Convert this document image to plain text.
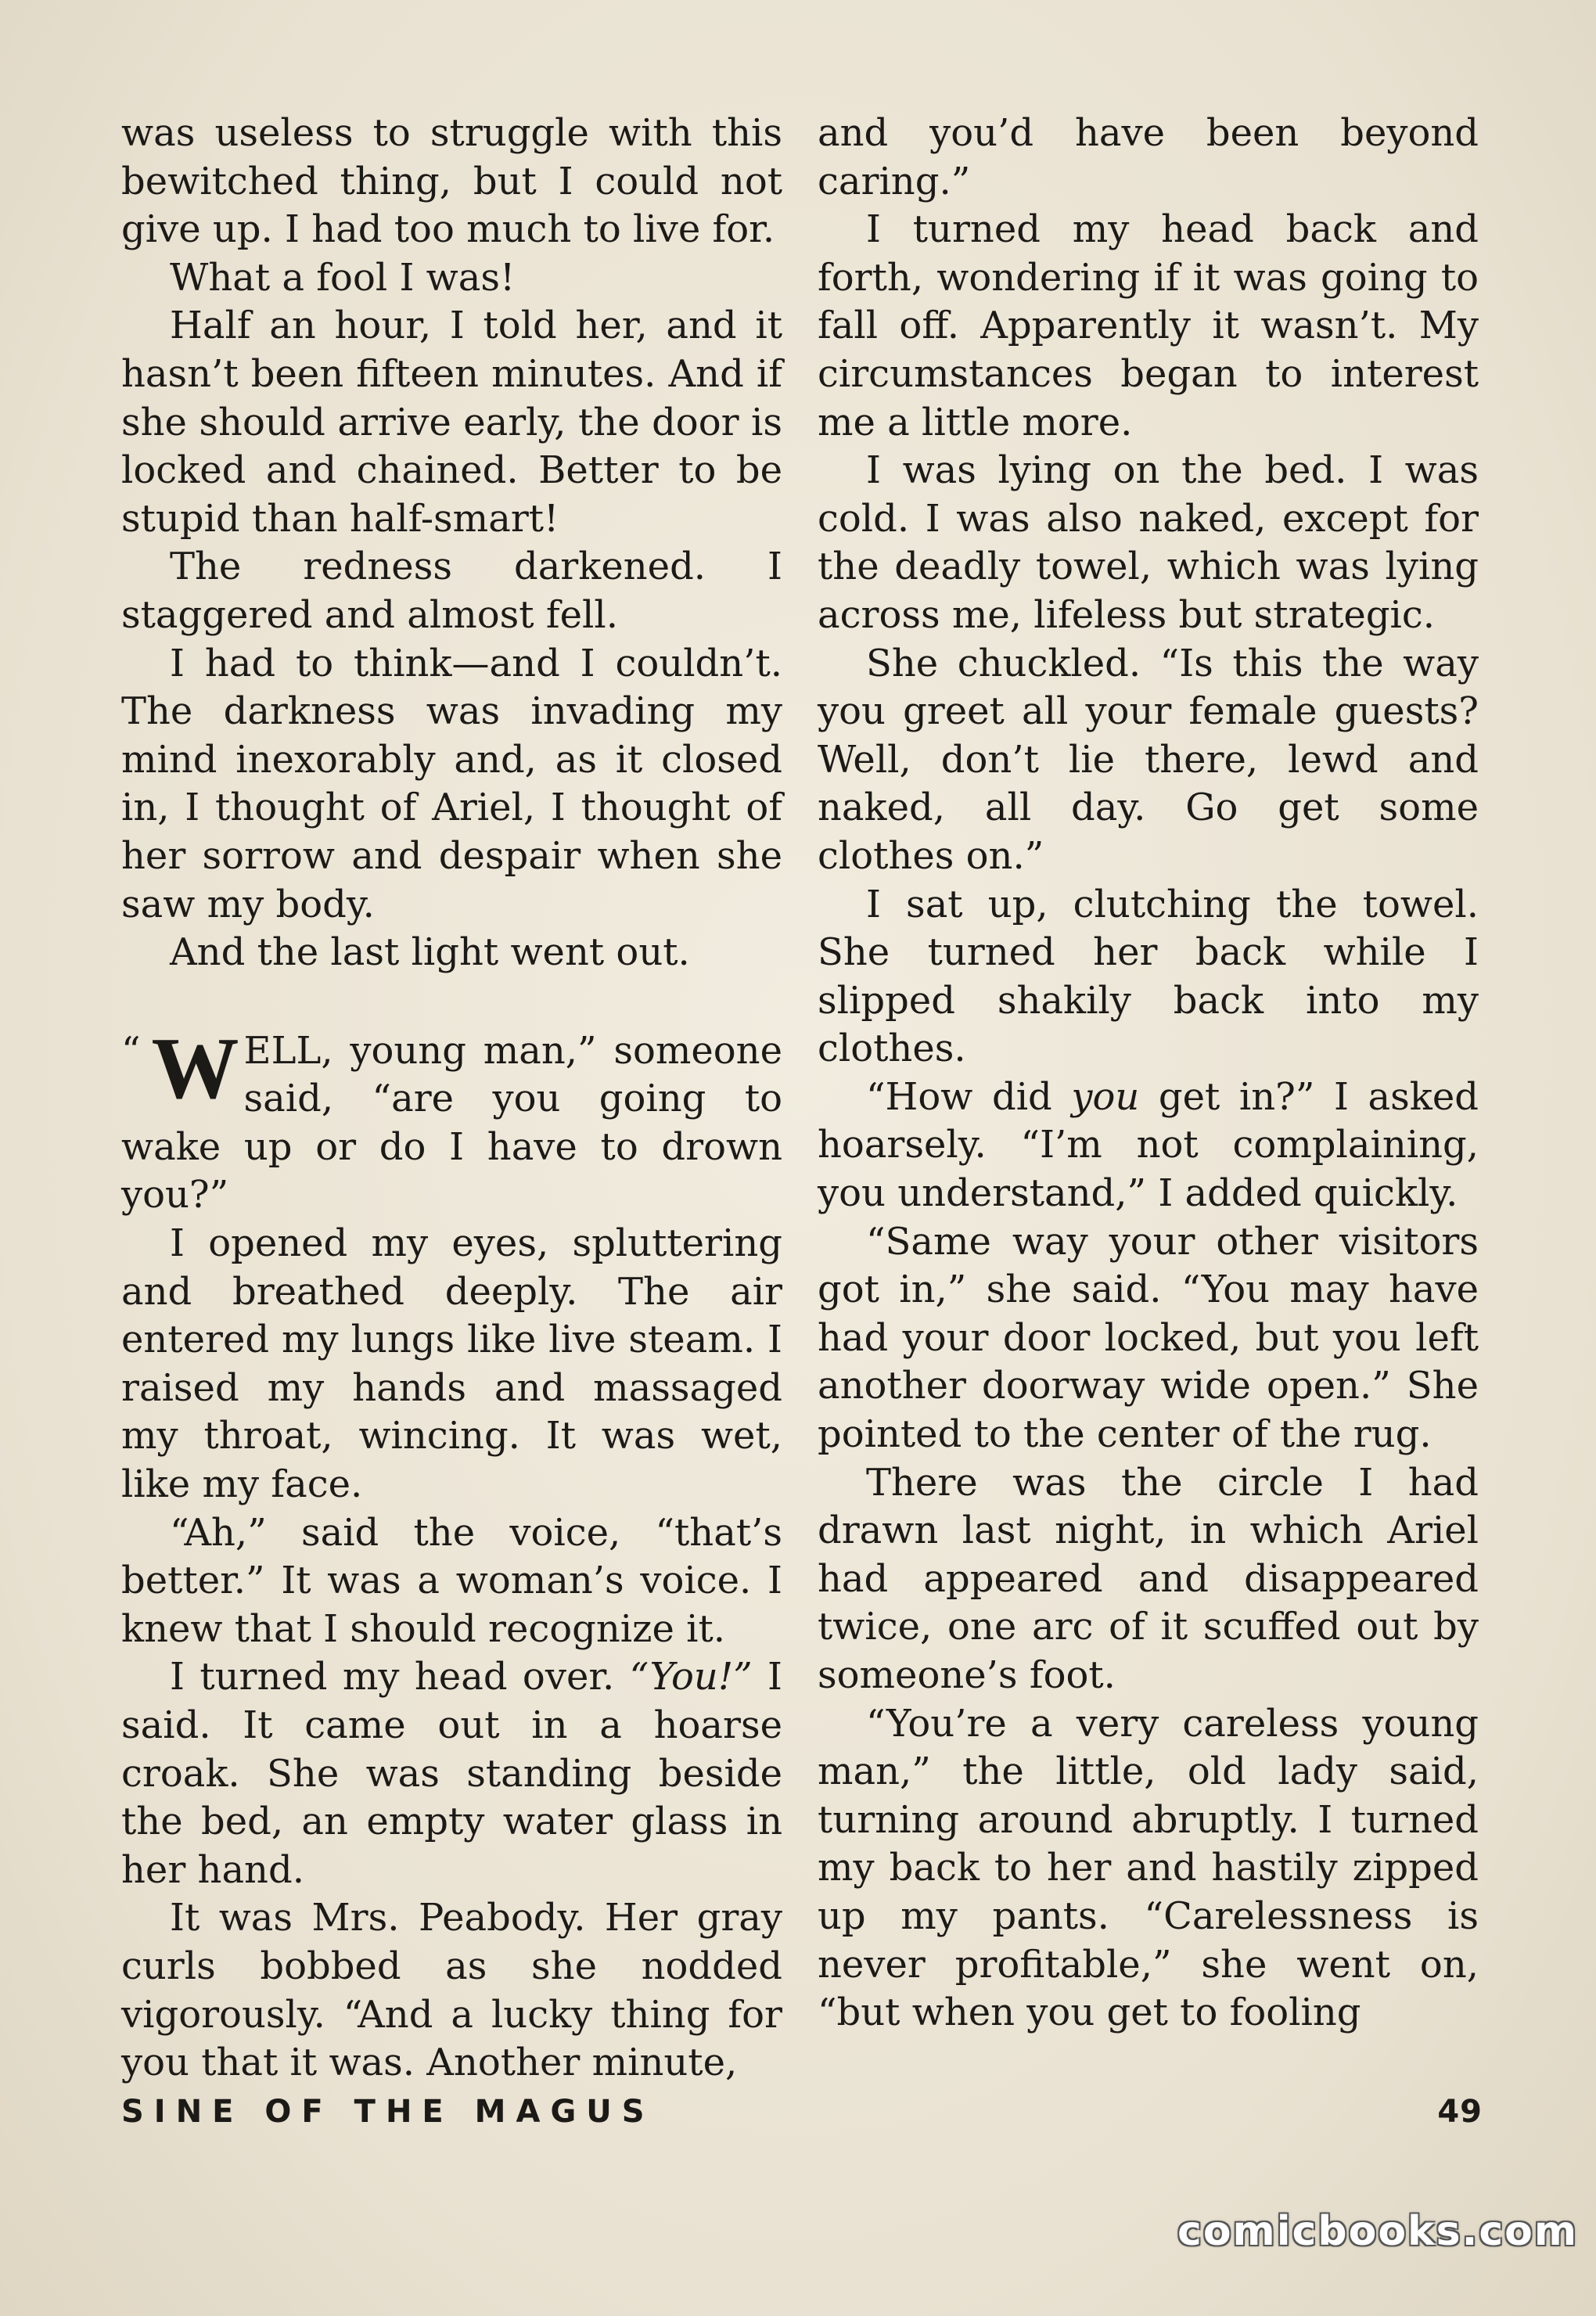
was useless to struggle with this bewitched thing, but I could not give up. I had too much to live for.

What a fool I was!

Half an hour, I told her, and it hasn’t been fifteen minutes. And if she should arrive early, the door is locked and chained. Better to be stupid than half-smart!

The redness darkened. I staggered and almost fell.

I had to think—and I couldn’t. The darkness was invading my mind inexorably and, as it closed in, I thought of Ariel, I thought of her sorrow and despair when she saw my body.

And the last light went out.

“ W ELL, young man,” someone said, “are you going to wake up or do I have to drown you?”

I opened my eyes, spluttering and breathed deeply. The air entered my lungs like live steam. I raised my hands and massaged my throat, wincing. It was wet, like my face.

“Ah,” said the voice, “that’s better.” It was a woman’s voice. I knew that I should recognize it.

I turned my head over. “You!” I said. It came out in a hoarse croak. She was standing beside the bed, an empty water glass in her hand.

It was Mrs. Peabody. Her gray curls bobbed as she nodded vigorously. “And a lucky thing for you that it was. Another minute,

and you’d have been beyond caring.”

I turned my head back and forth, wondering if it was going to fall off. Apparently it wasn’t. My circumstances began to interest me a little more.

I was lying on the bed. I was cold. I was also naked, except for the deadly towel, which was lying across me, lifeless but strategic.

She chuckled. “Is this the way you greet all your female guests? Well, don’t lie there, lewd and naked, all day. Go get some clothes on.”

I sat up, clutching the towel. She turned her back while I slipped shakily back into my clothes.

“How did you get in?” I asked hoarsely. “I’m not complaining, you understand,” I added quickly.

“Same way your other visitors got in,” she said. “You may have had your door locked, but you left another doorway wide open.” She pointed to the center of the rug.

There was the circle I had drawn last night, in which Ariel had appeared and disappeared twice, one arc of it scuffed out by someone’s foot.

“You’re a very careless young man,” the little, old lady said, turning around abruptly. I turned my back to her and hastily zipped up my pants. “Carelessness is never profitable,” she went on, “but when you get to fooling

SINE OF THE MAGUS	49
comicbooks.com
